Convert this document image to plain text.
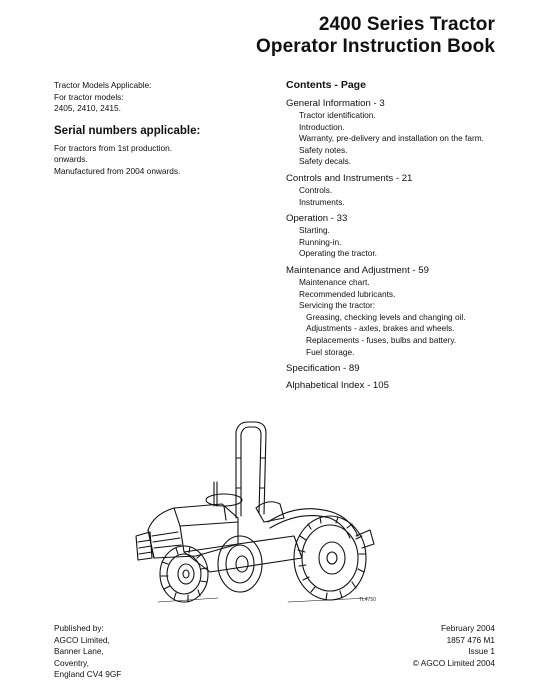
2400 Series Tractor
Operator Instruction Book
Tractor Models Applicable:
For tractor models:
2405, 2410, 2415.
Serial numbers applicable:
For tractors from 1st production.
onwards.
Manufactured from 2004 onwards.
Contents - Page
General Information - 3
Tractor identification.
Introduction.
Warranty, pre-delivery and installation on the farm.
Safety notes.
Safety decals.
Controls and Instruments - 21
Controls.
Instruments.
Operation - 33
Starting.
Running-in.
Operating the tractor.
Maintenance and Adjustment - 59
Maintenance chart.
Recommended lubricants.
Servicing the tractor:
Greasing, checking levels and changing oil.
Adjustments - axles, brakes and wheels.
Replacements - fuses, bulbs and battery.
Fuel storage.
Specification - 89
Alphabetical Index - 105
TL4750
Published by:
AGCO Limited,
Banner Lane,
Coventry,
England CV4 9GF
February 2004
1857 476 M1
Issue 1
© AGCO Limited 2004
